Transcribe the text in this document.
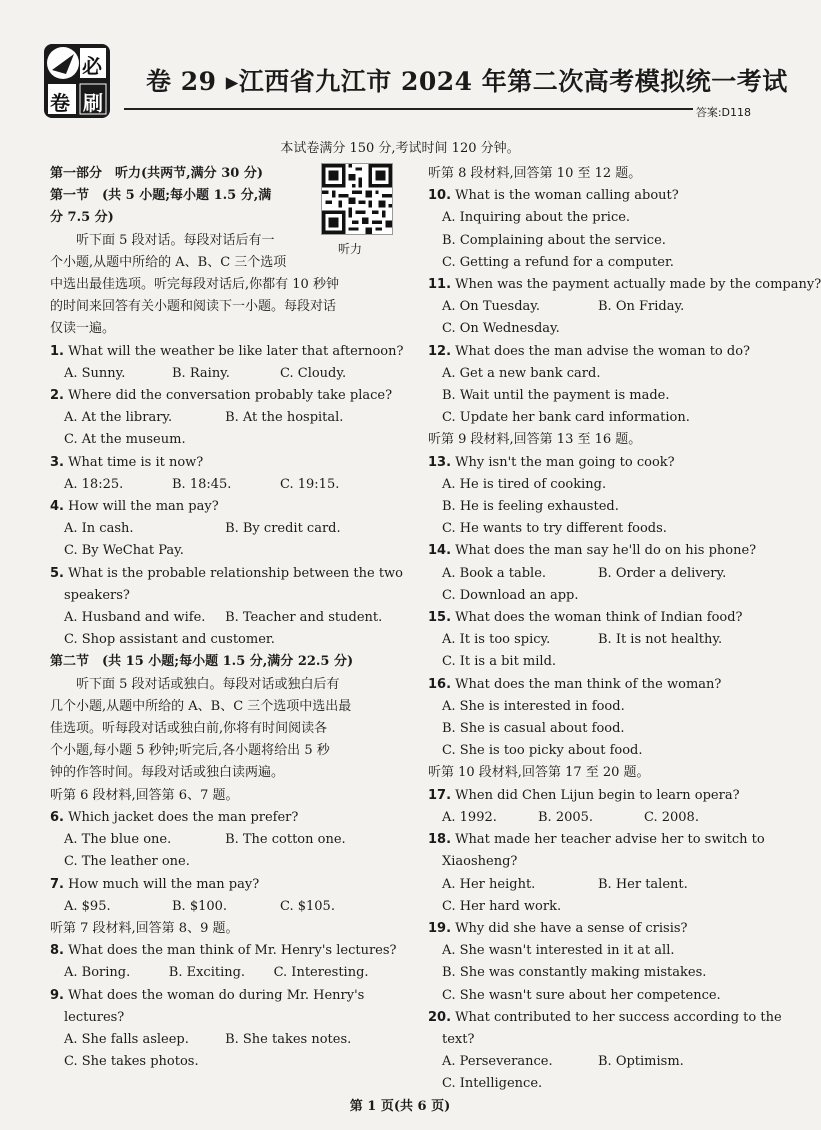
必
卷 刷
卷 29 ▸江西省九江市 2024 年第二次高考模拟统一考试
答案:D118
本试卷满分 150 分,考试时间 120 分钟。
听力
第一部分　听力(共两节,满分 30 分)
第一节　(共 5 小题;每小题 1.5 分,满
分 7.5 分)
听下面 5 段对话。每段对话后有一
个小题,从题中所给的 A、B、C 三个选项
中选出最佳选项。听完每段对话后,你都有 10 秒钟
的时间来回答有关小题和阅读下一小题。每段对话
仅读一遍。
1. What will the weather be like later that afternoon?
A. Sunny.	B. Rainy.	C. Cloudy.
2. Where did the conversation probably take place?
A. At the library.	B. At the hospital.
C. At the museum.
3. What time is it now?
A. 18:25.	B. 18:45.	C. 19:15.
4. How will the man pay?
A. In cash.	B. By credit card.
C. By WeChat Pay.
5. What is the probable relationship between the two
speakers?
A. Husband and wife.	B. Teacher and student.
C. Shop assistant and customer.
第二节　(共 15 小题;每小题 1.5 分,满分 22.5 分)
听下面 5 段对话或独白。每段对话或独白后有
几个小题,从题中所给的 A、B、C 三个选项中选出最
佳选项。听每段对话或独白前,你将有时间阅读各
个小题,每小题 5 秒钟;听完后,各小题将给出 5 秒
钟的作答时间。每段对话或独白读两遍。
听第 6 段材料,回答第 6、7 题。
6. Which jacket does the man prefer?
A. The blue one.	B. The cotton one.
C. The leather one.
7. How much will the man pay?
A. $95.	B. $100.	C. $105.
听第 7 段材料,回答第 8、9 题。
8. What does the man think of Mr. Henry's lectures?
A. Boring.	B. Exciting.	C. Interesting.
9. What does the woman do during Mr. Henry's
lectures?
A. She falls asleep.	B. She takes notes.
C. She takes photos.
听第 8 段材料,回答第 10 至 12 题。
10. What is the woman calling about?
A. Inquiring about the price.
B. Complaining about the service.
C. Getting a refund for a computer.
11. When was the payment actually made by the company?
A. On Tuesday.	B. On Friday.
C. On Wednesday.
12. What does the man advise the woman to do?
A. Get a new bank card.
B. Wait until the payment is made.
C. Update her bank card information.
听第 9 段材料,回答第 13 至 16 题。
13. Why isn't the man going to cook?
A. He is tired of cooking.
B. He is feeling exhausted.
C. He wants to try different foods.
14. What does the man say he'll do on his phone?
A. Book a table.	B. Order a delivery.
C. Download an app.
15. What does the woman think of Indian food?
A. It is too spicy.	B. It is not healthy.
C. It is a bit mild.
16. What does the man think of the woman?
A. She is interested in food.
B. She is casual about food.
C. She is too picky about food.
听第 10 段材料,回答第 17 至 20 题。
17. When did Chen Lijun begin to learn opera?
A. 1992.	B. 2005.	C. 2008.
18. What made her teacher advise her to switch to
Xiaosheng?
A. Her height.	B. Her talent.
C. Her hard work.
19. Why did she have a sense of crisis?
A. She wasn't interested in it at all.
B. She was constantly making mistakes.
C. She wasn't sure about her competence.
20. What contributed to her success according to the
text?
A. Perseverance.	B. Optimism.
C. Intelligence.
第 1 页(共 6 页)
